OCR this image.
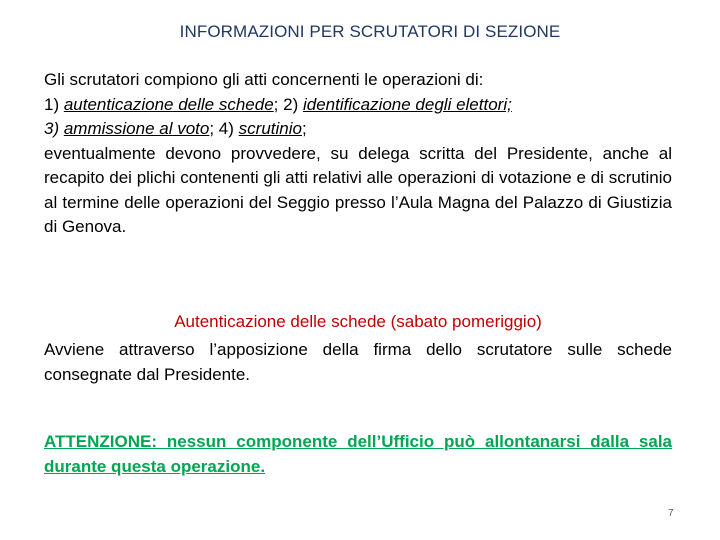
INFORMAZIONI PER SCRUTATORI DI SEZIONE

Gli scrutatori compiono gli atti concernenti le operazioni di:

1) autenticazione delle schede; 2) identificazione degli elettori;

3) ammissione al voto; 4) scrutinio;

eventualmente devono provvedere, su delega scritta del Presidente, anche al recapito dei plichi contenenti gli atti relativi alle operazioni di votazione e di scrutinio al termine delle operazioni del Seggio presso l’Aula Magna del Palazzo di Giustizia di Genova.

Autenticazione delle schede (sabato pomeriggio)
Avviene attraverso l’apposizione della firma dello scrutatore sulle schede consegnate dal Presidente.
ATTENZIONE: nessun componente dell’Ufficio può allontanarsi dalla sala durante questa operazione.
7
